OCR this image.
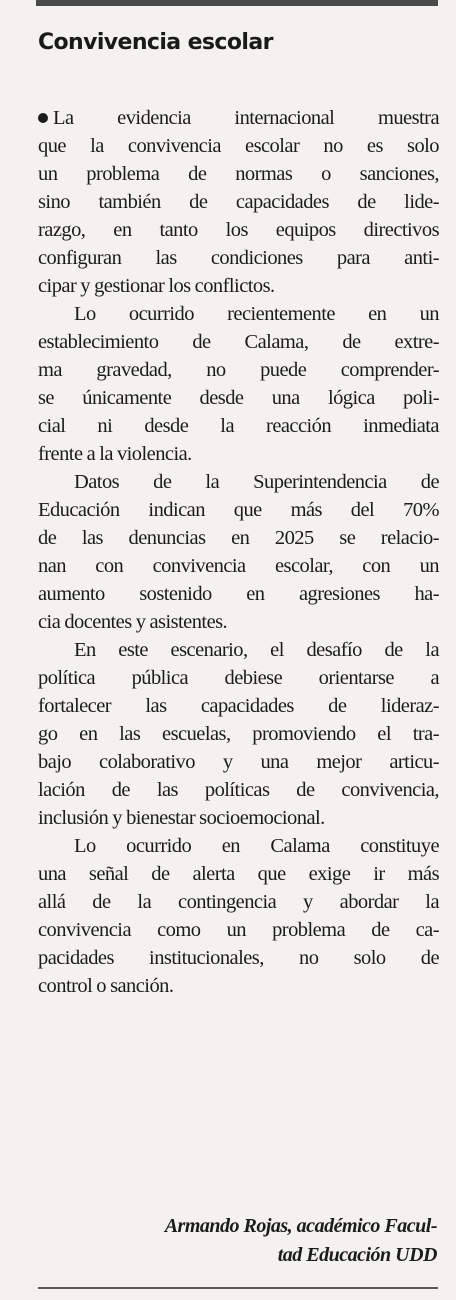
Convivencia escolar
La evidencia internacional muestra
que la convivencia escolar no es solo
un problema de normas o sanciones,
sino también de capacidades de lide-
razgo, en tanto los equipos directivos
configuran las condiciones para anti-
cipar y gestionar los conflictos.
Lo ocurrido recientemente en un
establecimiento de Calama, de extre-
ma gravedad, no puede comprender-
se únicamente desde una lógica poli-
cial ni desde la reacción inmediata
frente a la violencia.
Datos de la Superintendencia de
Educación indican que más del 70%
de las denuncias en 2025 se relacio-
nan con convivencia escolar, con un
aumento sostenido en agresiones ha-
cia docentes y asistentes.
En este escenario, el desafío de la
política pública debiese orientarse a
fortalecer las capacidades de lideraz-
go en las escuelas, promoviendo el tra-
bajo colaborativo y una mejor articu-
lación de las políticas de convivencia,
inclusión y bienestar socioemocional.
Lo ocurrido en Calama constituye
una señal de alerta que exige ir más
allá de la contingencia y abordar la
convivencia como un problema de ca-
pacidades institucionales, no solo de
control o sanción.
Armando Rojas, académico Facul-
tad Educación UDD
